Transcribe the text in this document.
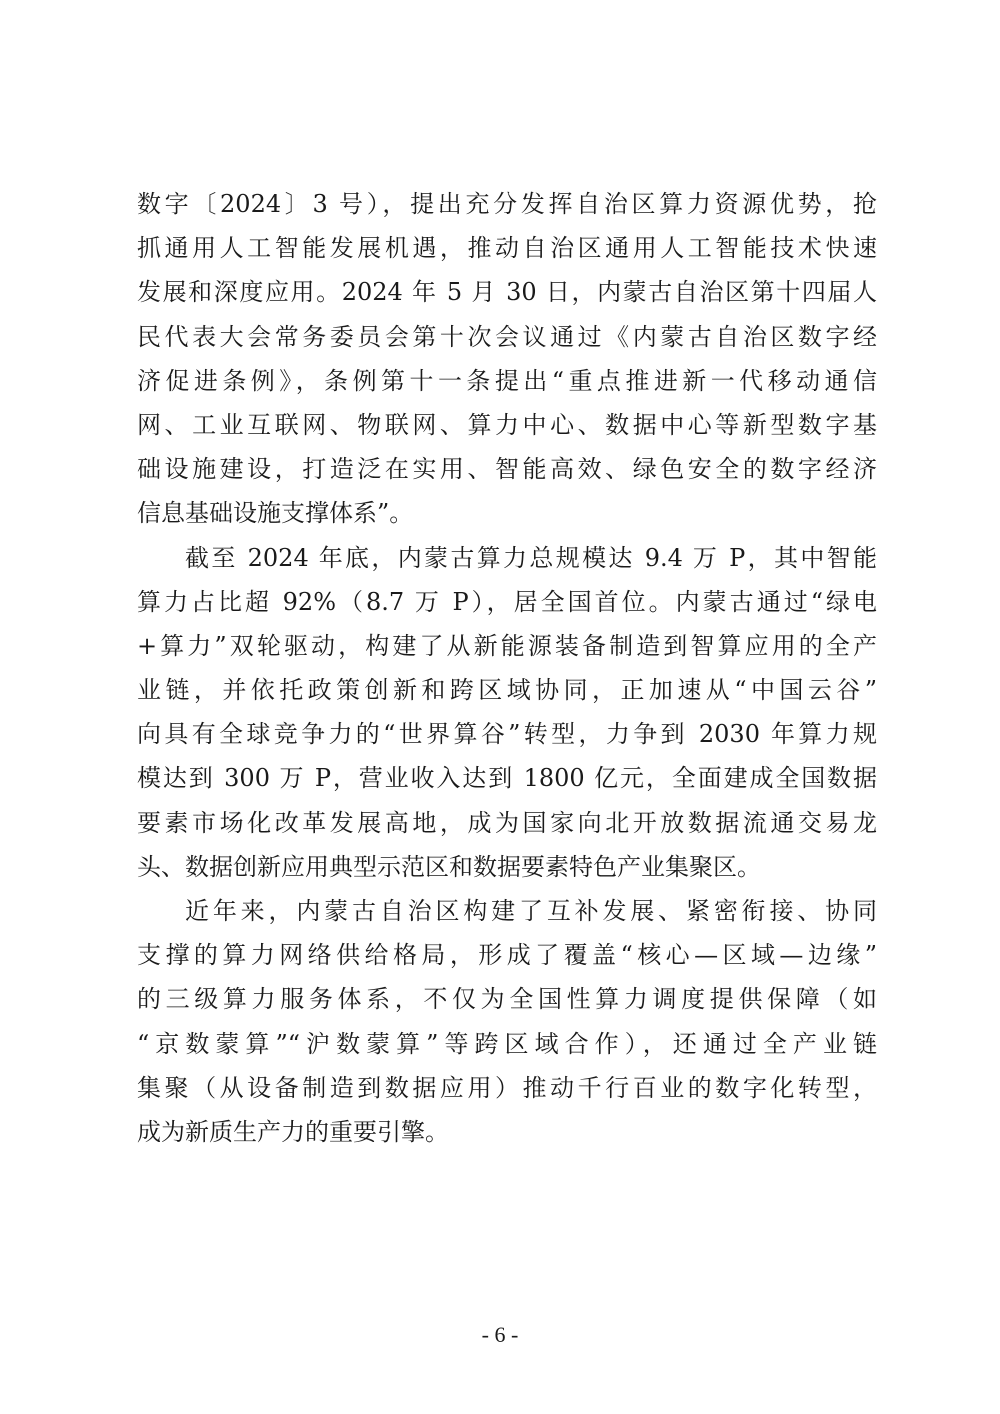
数字〔2024〕3 号），提出充分发挥自治区算力资源优势，抢
抓通用人工智能发展机遇，推动自治区通用人工智能技术快速
发展和深度应用。2024 年 5 月 30 日，内蒙古自治区第十四届人
民代表大会常务委员会第十次会议通过《内蒙古自治区数字经
济促进条例》，条例第十一条提出“重点推进新一代移动通信
网、工业互联网、物联网、算力中心、数据中心等新型数字基
础设施建设，打造泛在实用、智能高效、绿色安全的数字经济
信息基础设施支撑体系”。
截至 2024 年底，内蒙古算力总规模达 9.4 万 P，其中智能
算力占比超 92%（8.7 万 P），居全国首位。内蒙古通过“绿电
+算力”双轮驱动，构建了从新能源装备制造到智算应用的全产
业链，并依托政策创新和跨区域协同，正加速从“中国云谷”
向具有全球竞争力的“世界算谷”转型，力争到 2030 年算力规
模达到 300 万 P，营业收入达到 1800 亿元，全面建成全国数据
要素市场化改革发展高地，成为国家向北开放数据流通交易龙
头、数据创新应用典型示范区和数据要素特色产业集聚区。
近年来，内蒙古自治区构建了互补发展、紧密衔接、协同
支撑的算力网络供给格局，形成了覆盖“核心—区域—边缘”
的三级算力服务体系，不仅为全国性算力调度提供保障（如
“京数蒙算”“沪数蒙算”等跨区域合作），还通过全产业链
集聚（从设备制造到数据应用）推动千行百业的数字化转型，
成为新质生产力的重要引擎。
- 6 -
